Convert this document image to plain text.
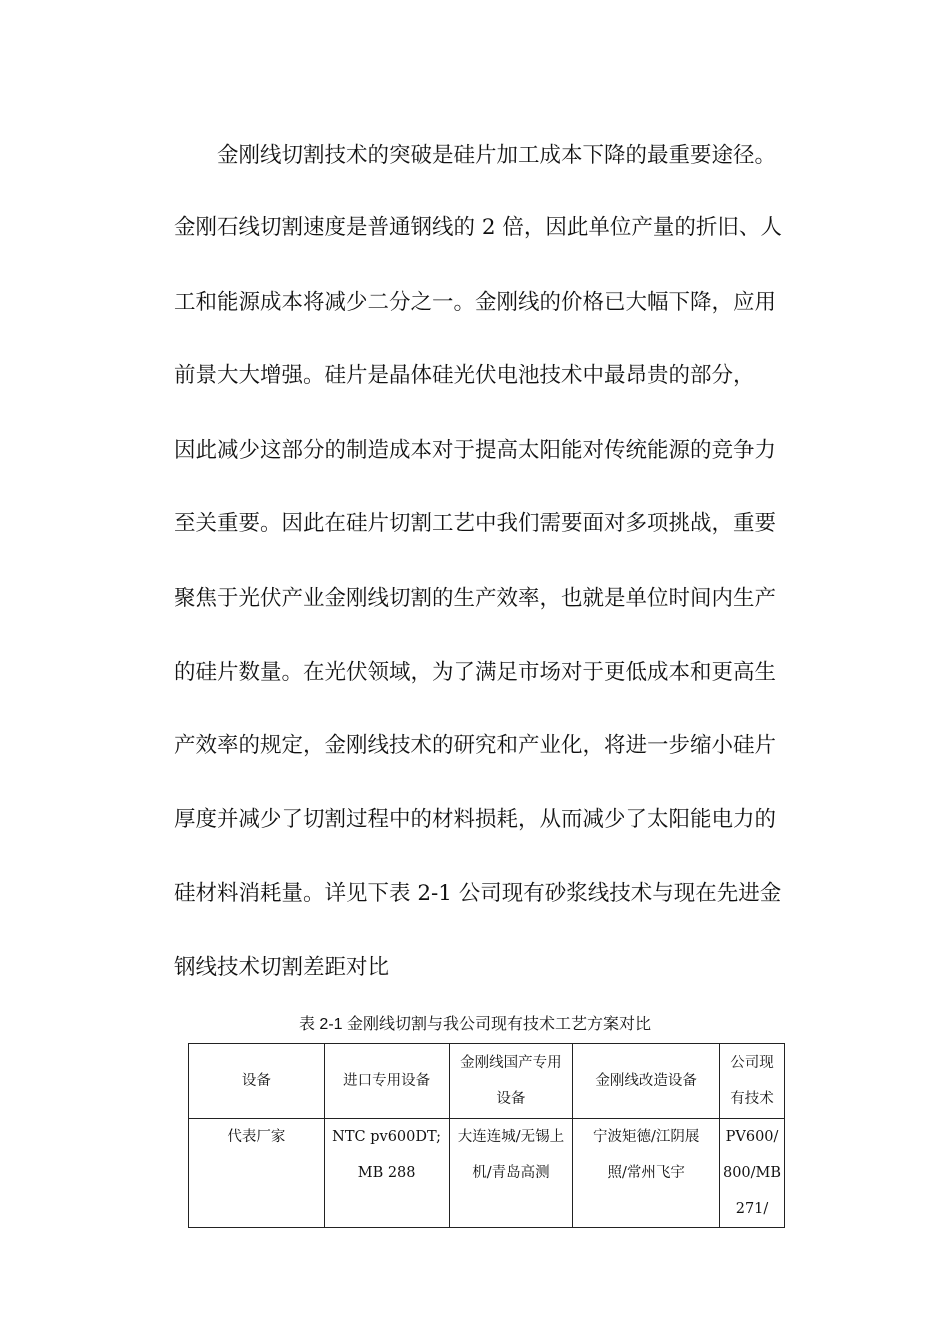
　　金刚线切割技术的突破是硅片加工成本下降的最重要途径。
金刚石线切割速度是普通钢线的 2 倍，因此单位产量的折旧、人
工和能源成本将减少二分之一。金刚线的价格已大幅下降，应用
前景大大增强。硅片是晶体硅光伏电池技术中最昂贵的部分，
因此减少这部分的制造成本对于提高太阳能对传统能源的竞争力
至关重要。因此在硅片切割工艺中我们需要面对多项挑战，重要
聚焦于光伏产业金刚线切割的生产效率，也就是单位时间内生产
的硅片数量。在光伏领域，为了满足市场对于更低成本和更高生
产效率的规定，金刚线技术的研究和产业化，将进一步缩小硅片
厚度并减少了切割过程中的材料损耗，从而减少了太阳能电力的
硅材料消耗量。详见下表 2-1 公司现有砂浆线技术与现在先进金
钢线技术切割差距对比
表 2-1 金刚线切割与我公司现有技术工艺方案对比
设备	进口专用设备	金刚线国产专用设备	金刚线改造设备	公司现有技术
代表厂家	NTC pv600DT;MB 288	大连连城/无锡上机/青岛高测	宁波矩德/江阴展照/常州飞宇	PV600/800/MB271/
